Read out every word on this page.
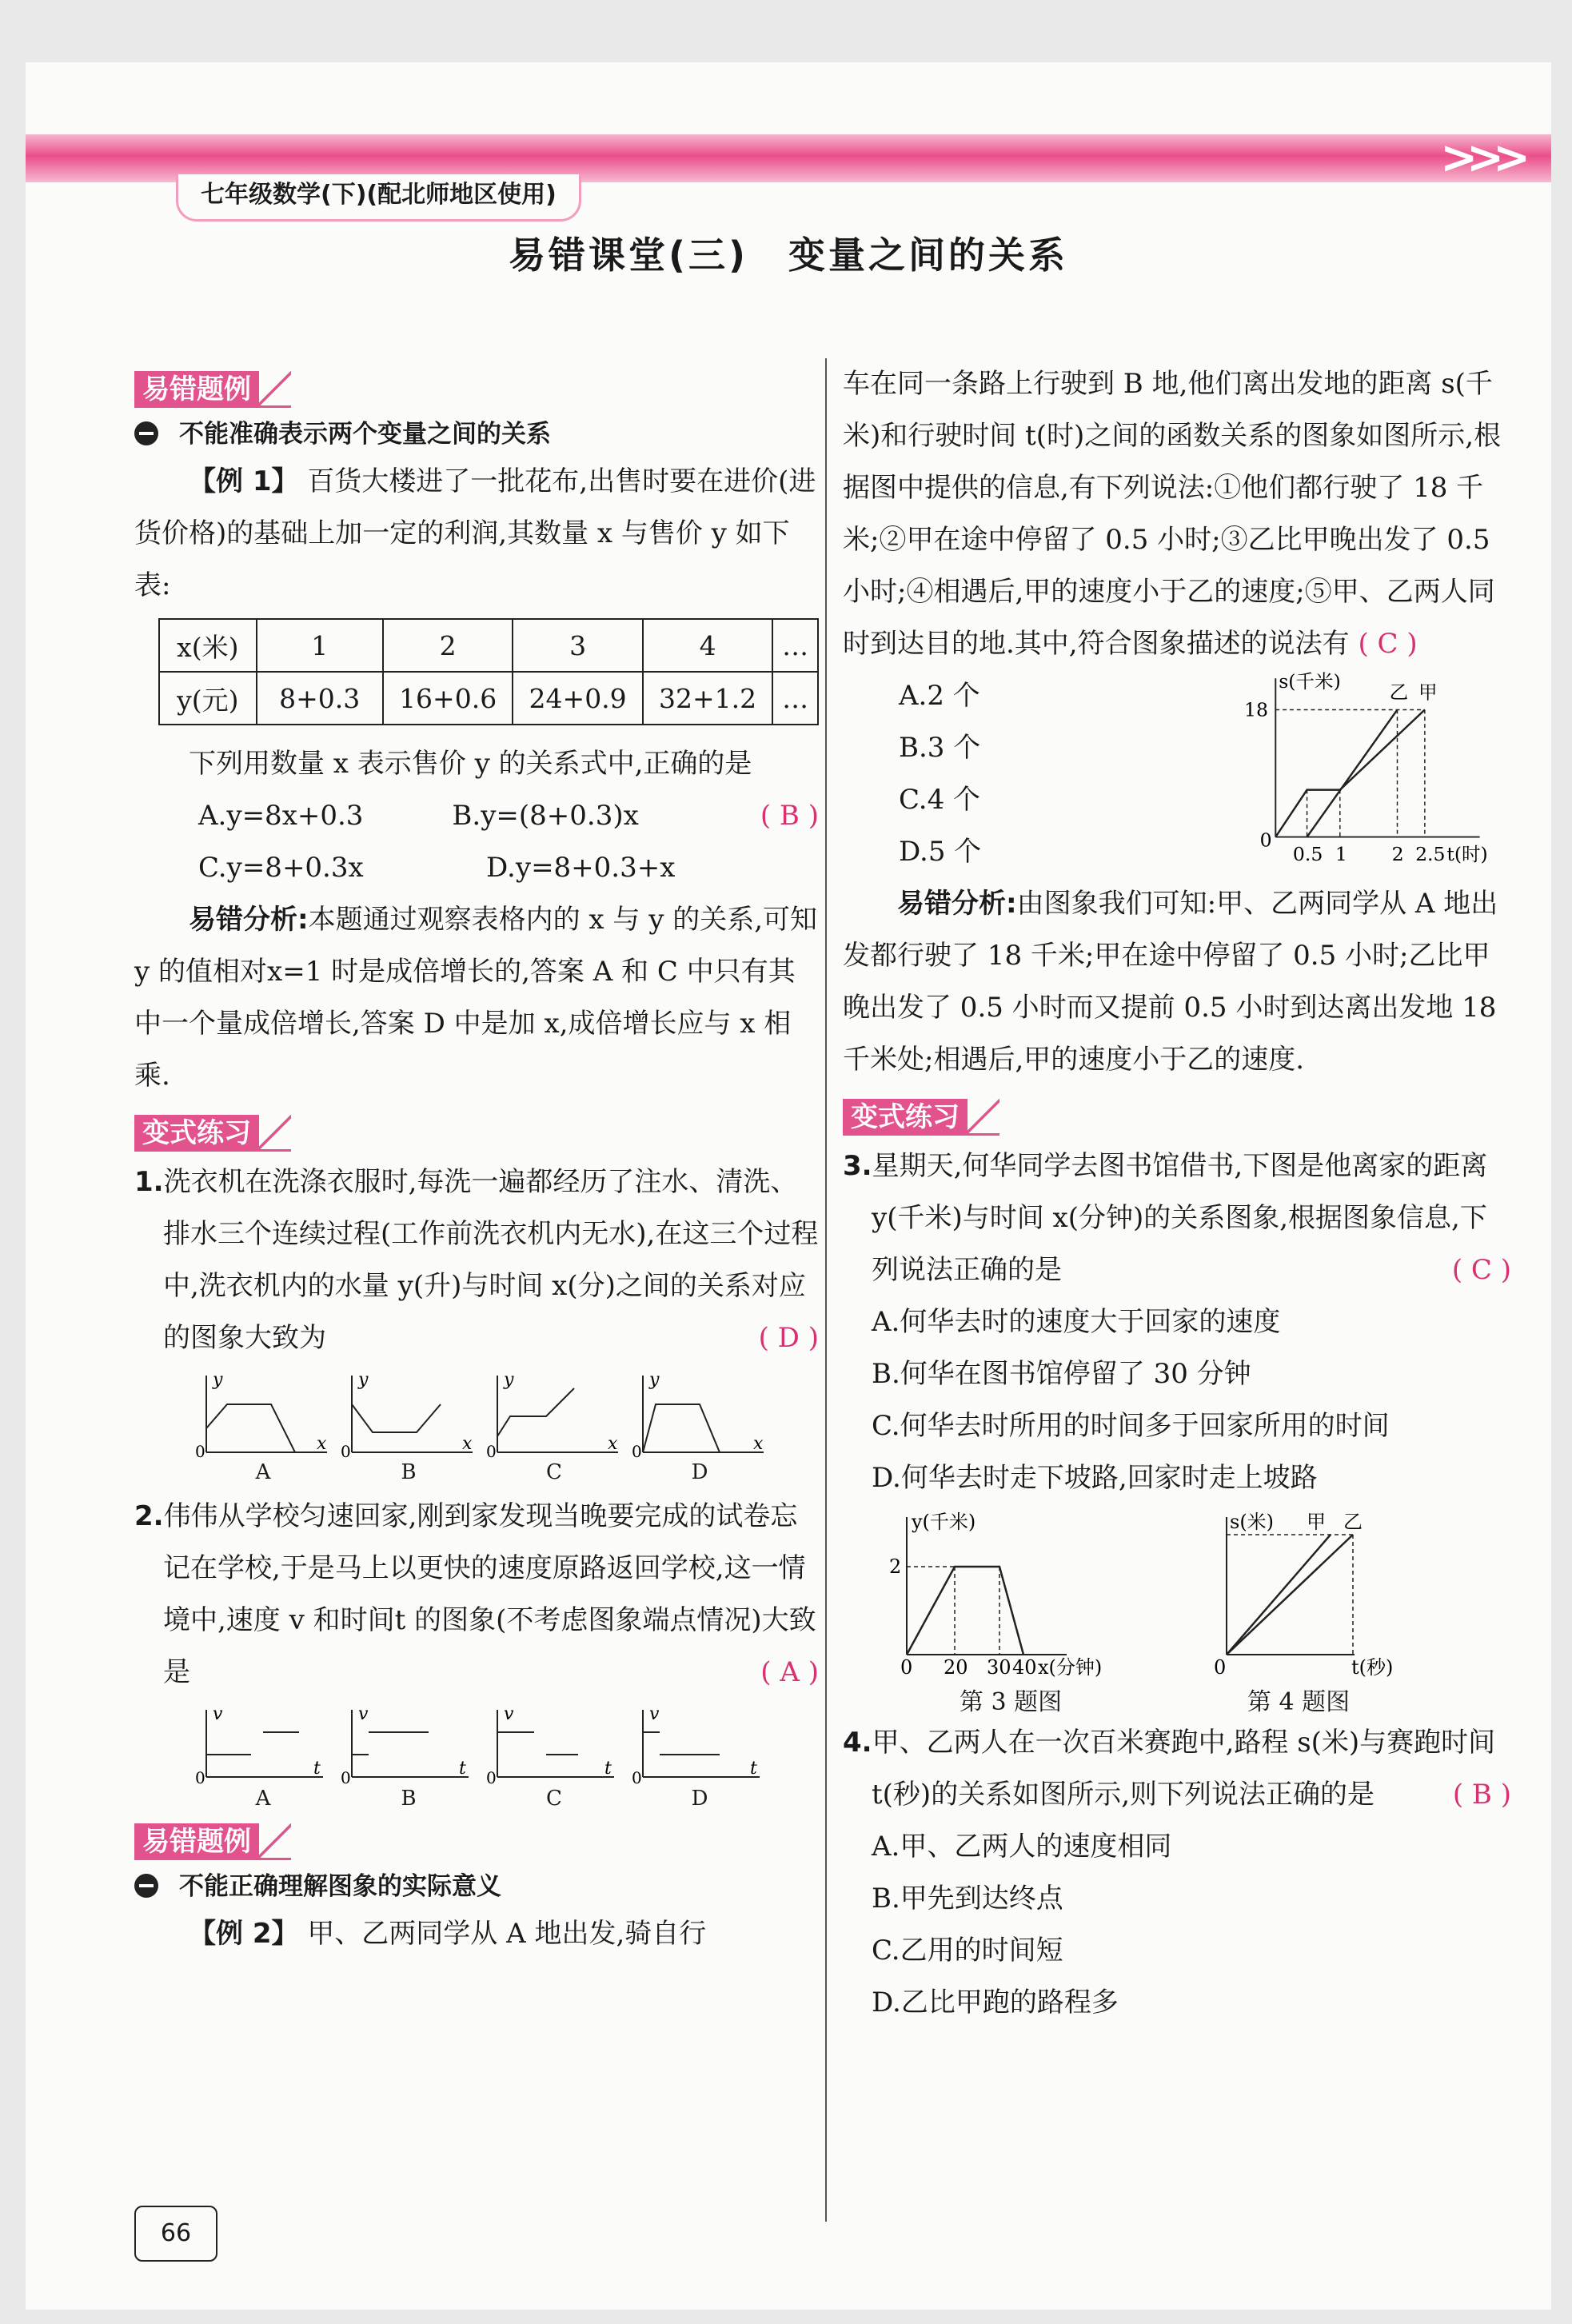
>>>
七年级数学(下)(配北师地区使用)
易错课堂(三)　变量之间的关系
易错题例
不能准确表示两个变量之间的关系

【例 1】 百货大楼进了一批花布,出售时要在进价(进货价格)的基础上加一定的利润,其数量 x 与售价 y 如下表:

x(米)	1	2	3	4	…
y(元)	8+0.3	16+0.6	24+0.9	32+1.2	…

下列用数量 x 表示售价 y 的关系式中,正确的是
( B )

A.y=8x+0.3	B.y=(8+0.3)x
C.y=8+0.3x	D.y=8+0.3+x

易错分析:本题通过观察表格内的 x 与 y 的关系,可知 y 的值相对x=1 时是成倍增长的,答案 A 和 C 中只有其中一个量成倍增长,答案 D 中是加 x,成倍增长应与 x 相乘.

变式练习

1.洗衣机在洗涤衣服时,每洗一遍都经历了注水、清洗、排水三个连续过程(工作前洗衣机内无水),在这三个过程中,洗衣机内的水量 y(升)与时间 x(分)之间的关系对应的图象大致为	( D )

y
x
0
A
y
x
0
B
y
x
0
C
y
x
0
D

2.伟伟从学校匀速回家,刚到家发现当晚要完成的试卷忘记在学校,于是马上以更快的速度原路返回学校,这一情境中,速度 v 和时间t 的图象(不考虑图象端点情况)大致是	( A )

v
t
0
A
v
t
0
B
v
t
0
C
v
t
0
D
易错题例
不能正确理解图象的实际意义

【例 2】 甲、乙两同学从 A 地出发,骑自行

车在同一条路上行驶到 B 地,他们离出发地的距离 s(千米)和行驶时间 t(时)之间的函数关系的图象如图所示,根据图中提供的信息,有下列说法:①他们都行驶了 18 千米;②甲在途中停留了 0.5 小时;③乙比甲晚出发了 0.5 小时;④相遇后,甲的速度小于乙的速度;⑤甲、乙两人同时到达目的地.其中,符合图象描述的说法有 ( C )

A.2 个
B.3 个
C.4 个
D.5 个
s(千米)
18
0
0.5 1 2 2.5 t(时)
乙 甲

易错分析:由图象我们可知:甲、乙两同学从 A 地出发都行驶了 18 千米;甲在途中停留了 0.5 小时;乙比甲晚出发了 0.5 小时而又提前 0.5 小时到达离出发地 18 千米处;相遇后,甲的速度小于乙的速度.

变式练习

3.星期天,何华同学去图书馆借书,下图是他离家的距离 y(千米)与时间 x(分钟)的关系图象,根据图象信息,下列说法正确的是	( C )

A.何华去时的速度大于回家的速度
B.何华在图书馆停留了 30 分钟
C.何华去时所用的时间多于回家所用的时间
D.何华去时走下坡路,回家时走上坡路
y(千米)
2
0 20 30 40 x(分钟)
第 3 题图
s(米) 甲 乙
0	t(秒)
第 4 题图

4.甲、乙两人在一次百米赛跑中,路程 s(米)与赛跑时间 t(秒)的关系如图所示,则下列说法正确的是	( B )

A.甲、乙两人的速度相同
B.甲先到达终点
C.乙用的时间短
D.乙比甲跑的路程多
66
